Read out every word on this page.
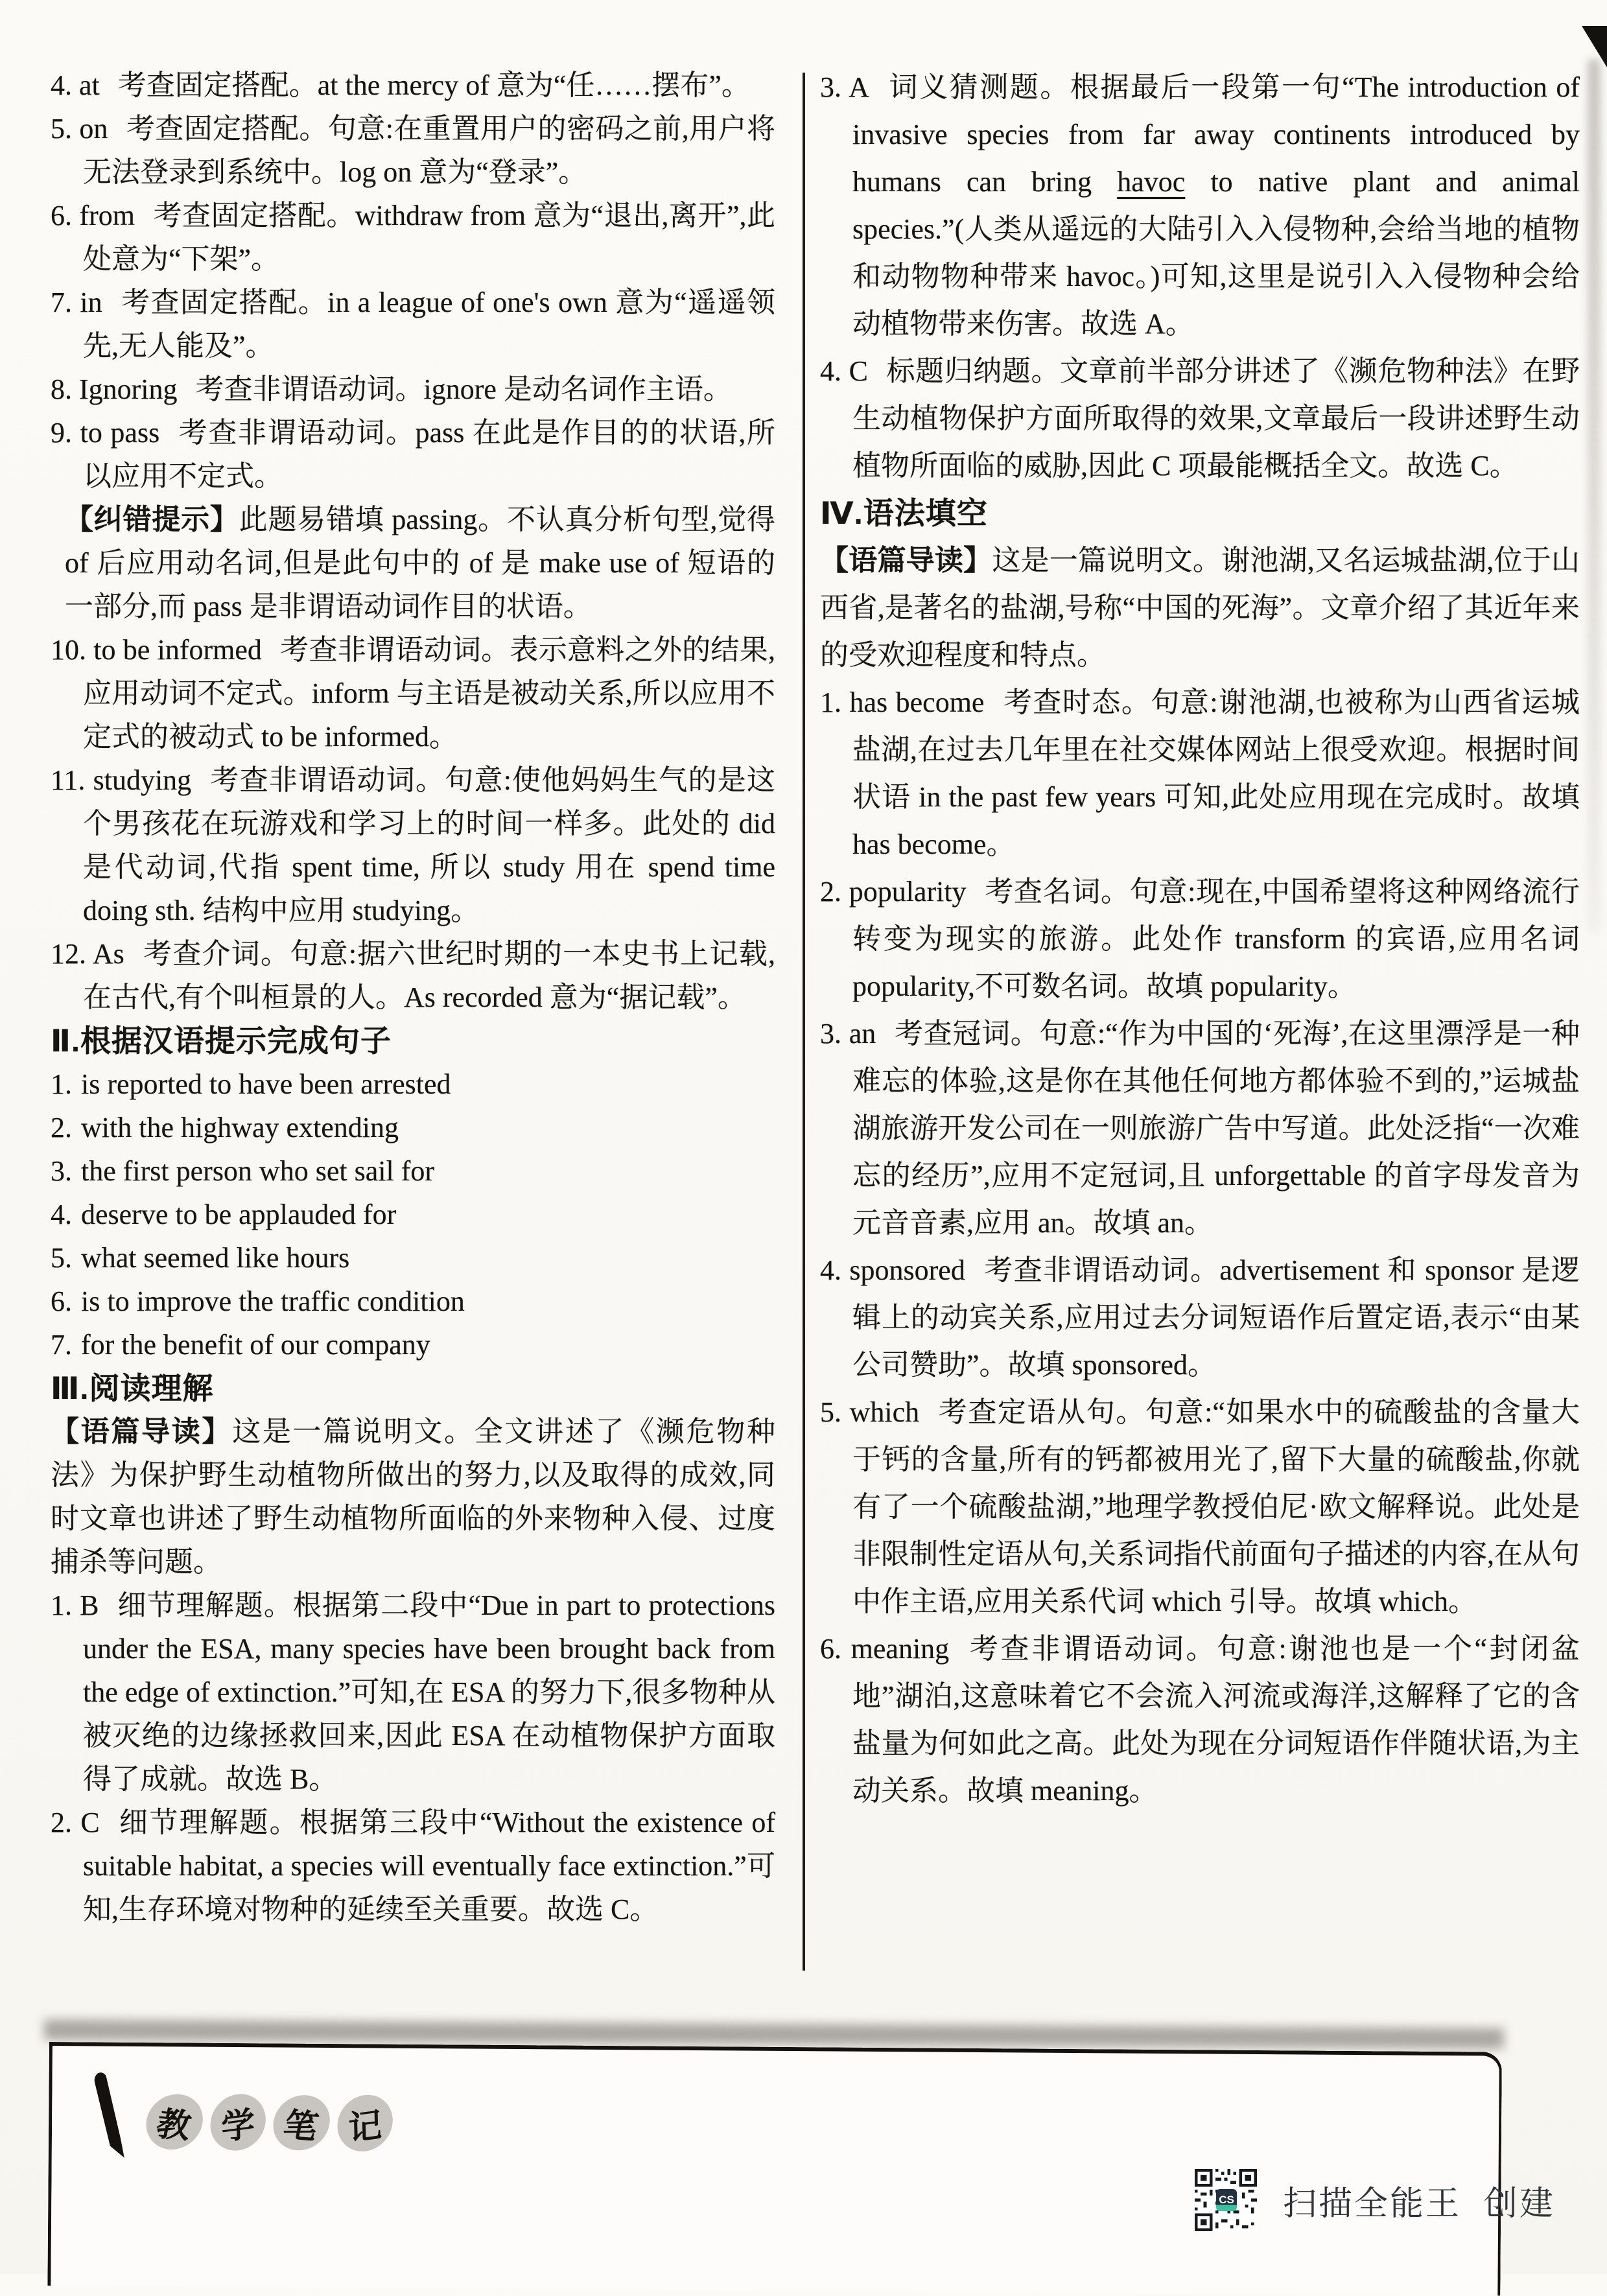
4. at 考查固定搭配。at the mercy of 意为“任……摆布”。
5. on 考查固定搭配。句意:在重置用户的密码之前,用户将无法登录到系统中。log on 意为“登录”。
6. from 考查固定搭配。withdraw from 意为“退出,离开”,此处意为“下架”。
7. in 考查固定搭配。in a league of one's own 意为“遥遥领先,无人能及”。
8. Ignoring 考查非谓语动词。ignore 是动名词作主语。
9. to pass 考查非谓语动词。pass 在此是作目的的状语,所以应用不定式。
【纠错提示】此题易错填 passing。不认真分析句型,觉得 of 后应用动名词,但是此句中的 of 是 make use of 短语的一部分,而 pass 是非谓语动词作目的状语。
10. to be informed 考查非谓语动词。表示意料之外的结果,应用动词不定式。inform 与主语是被动关系,所以应用不定式的被动式 to be informed。
11. studying 考查非谓语动词。句意:使他妈妈生气的是这个男孩花在玩游戏和学习上的时间一样多。此处的 did 是代动词,代指 spent time, 所以 study 用在 spend time doing sth. 结构中应用 studying。
12. As 考查介词。句意:据六世纪时期的一本史书上记载,在古代,有个叫桓景的人。As recorded 意为“据记载”。
Ⅱ.根据汉语提示完成句子
1. is reported to have been arrested
2. with the highway extending
3. the first person who set sail for
4. deserve to be applauded for
5. what seemed like hours
6. is to improve the traffic condition
7. for the benefit of our company
Ⅲ.阅读理解
【语篇导读】这是一篇说明文。全文讲述了《濒危物种法》为保护野生动植物所做出的努力,以及取得的成效,同时文章也讲述了野生动植物所面临的外来物种入侵、过度捕杀等问题。
1. B 细节理解题。根据第二段中“Due in part to protections under the ESA, many species have been brought back from the edge of extinction.”可知,在 ESA 的努力下,很多物种从被灭绝的边缘拯救回来,因此 ESA 在动植物保护方面取得了成就。故选 B。
2. C 细节理解题。根据第三段中“Without the existence of suitable habitat, a species will eventually face extinction.”可知,生存环境对物种的延续至关重要。故选 C。
3. A 词义猜测题。根据最后一段第一句“The introduction of invasive species from far away continents introduced by humans can bring havoc to native plant and animal species.”(人类从遥远的大陆引入入侵物种,会给当地的植物和动物物种带来 havoc。)可知,这里是说引入入侵物种会给动植物带来伤害。故选 A。
4. C 标题归纳题。文章前半部分讲述了《濒危物种法》在野生动植物保护方面所取得的效果,文章最后一段讲述野生动植物所面临的威胁,因此 C 项最能概括全文。故选 C。
Ⅳ.语法填空
【语篇导读】这是一篇说明文。谢池湖,又名运城盐湖,位于山西省,是著名的盐湖,号称“中国的死海”。文章介绍了其近年来的受欢迎程度和特点。
1. has become 考查时态。句意:谢池湖,也被称为山西省运城盐湖,在过去几年里在社交媒体网站上很受欢迎。根据时间状语 in the past few years 可知,此处应用现在完成时。故填 has become。
2. popularity 考查名词。句意:现在,中国希望将这种网络流行转变为现实的旅游。此处作 transform 的宾语,应用名词 popularity,不可数名词。故填 popularity。
3. an 考查冠词。句意:“作为中国的‘死海’,在这里漂浮是一种难忘的体验,这是你在其他任何地方都体验不到的,”运城盐湖旅游开发公司在一则旅游广告中写道。此处泛指“一次难忘的经历”,应用不定冠词,且 unforgettable 的首字母发音为元音音素,应用 an。故填 an。
4. sponsored 考查非谓语动词。advertisement 和 sponsor 是逻辑上的动宾关系,应用过去分词短语作后置定语,表示“由某公司赞助”。故填 sponsored。
5. which 考查定语从句。句意:“如果水中的硫酸盐的含量大于钙的含量,所有的钙都被用光了,留下大量的硫酸盐,你就有了一个硫酸盐湖,”地理学教授伯尼·欧文解释说。此处是非限制性定语从句,关系词指代前面句子描述的内容,在从句中作主语,应用关系代词 which 引导。故填 which。
6. meaning 考查非谓语动词。句意:谢池也是一个“封闭盆地”湖泊,这意味着它不会流入河流或海洋,这解释了它的含盐量为何如此之高。此处为现在分词短语作伴随状语,为主动关系。故填 meaning。
教 学 笔 记
CS 扫描全能王  创建
